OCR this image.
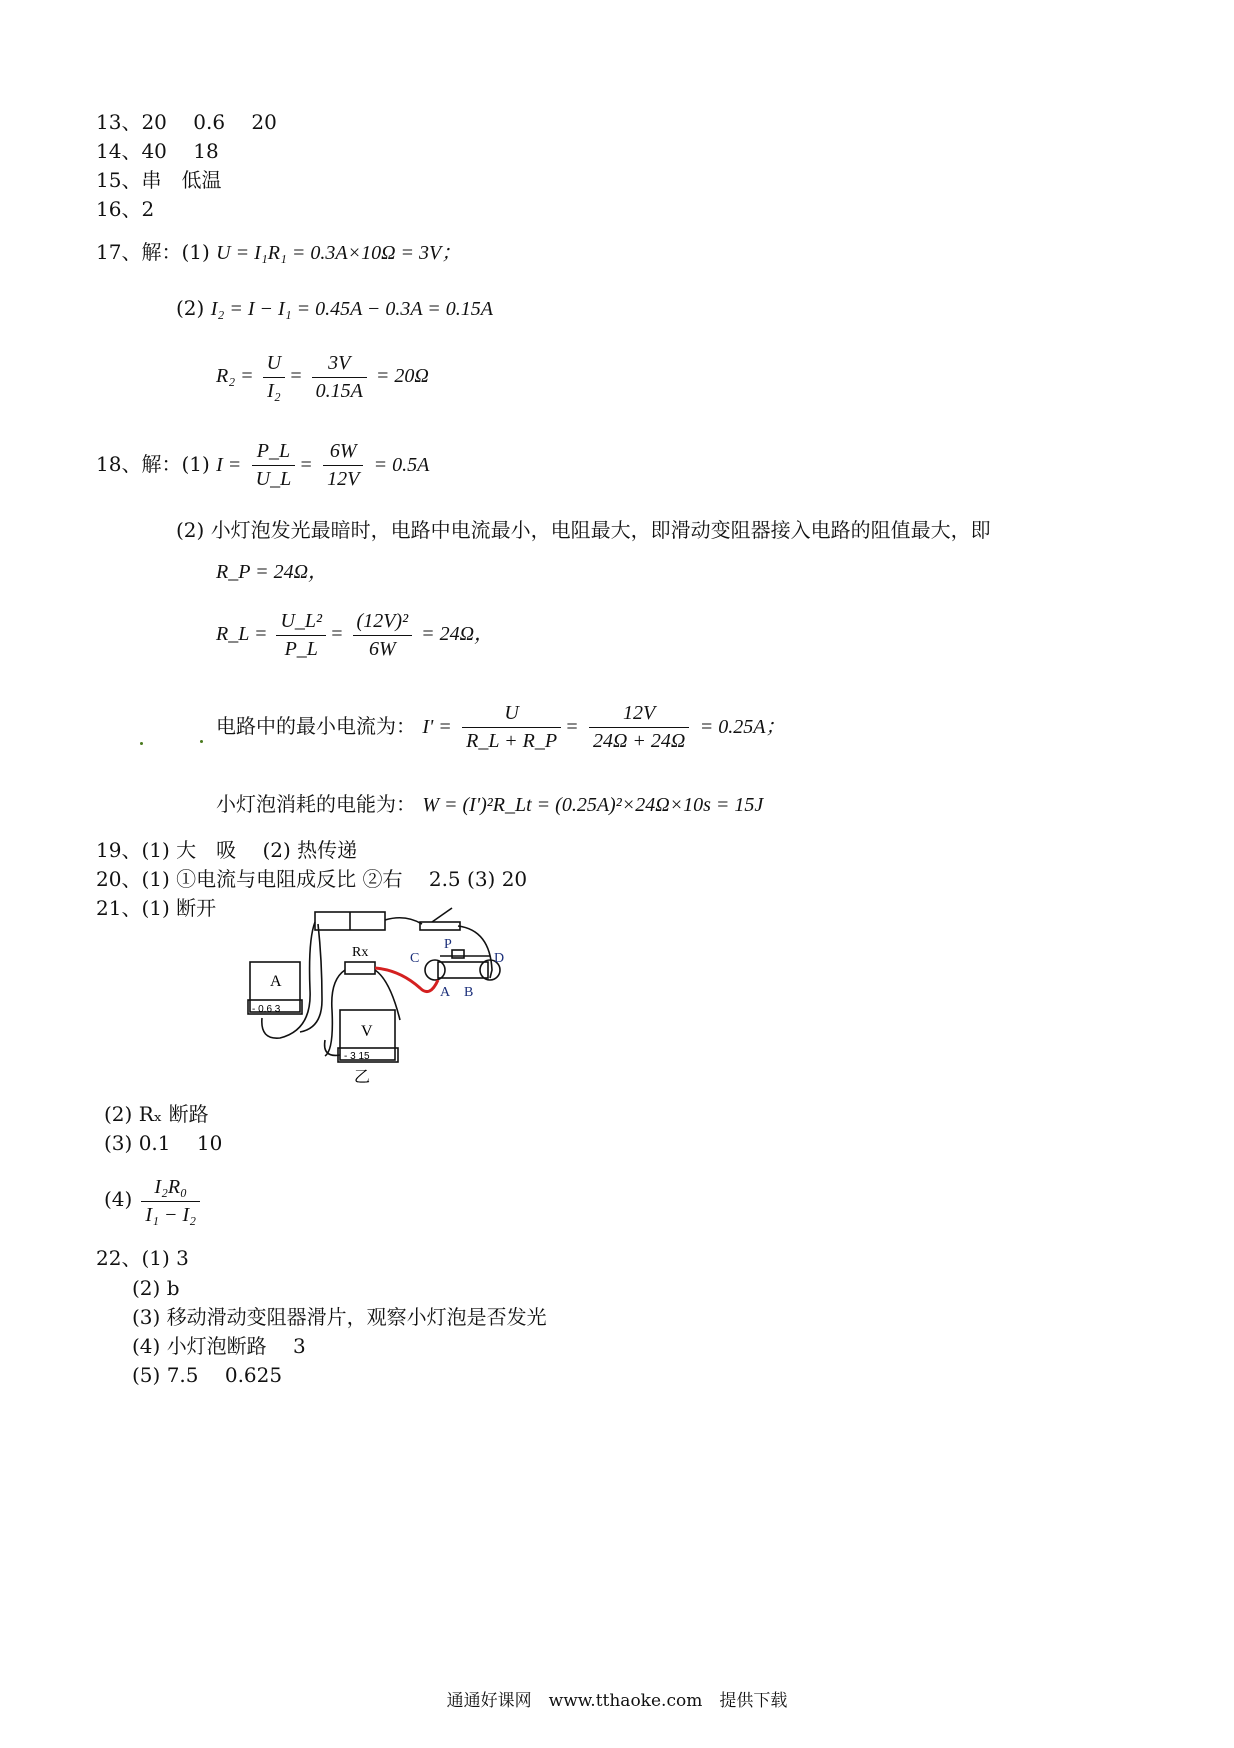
13、20　 0.6　 20
14、40　 18
15、串　低温
16、2
17、解：(1) U = I₁R₁ = 0.3A×10Ω = 3V；
(2) I₂ = I − I₁ = 0.45A − 0.3A = 0.15A
$R_2 = \frac{U}{\text{I₂}} = \frac{3V}{0.15A} = 20\Omega$
18、解：(1) $I = \frac{P\_L}{U\_L} = \frac{6W}{12V} = 0.5A$
(2) 小灯泡发光最暗时，电路中电流最小，电阻最大，即滑动变阻器接入电路的阻值最大，即
R_P = 24Ω，
R_L = $\frac{\text{U\_L²}}{P\_L} = \frac{\text{(12V)²}}{6W} = 24\Omega$，
电路中的最小电流为： $I' = \frac{U}{R\_L + R\_P} = \frac{12V}{24\Omega + 24\Omega} = 0.25A$；
小灯泡消耗的电能为： W = (I')²R_Lt = (0.25A)²×24Ω×10s = 15J
19、(1) 大　吸　 (2) 热传递
20、(1) ①电流与电阻成反比 ②右　 2.5 (3) 20
21、(1) 断开
Rx
A
- 0.6 3
V
- 3 15
C
P
D
A B
乙
(2) Rₓ 断路
(3) 0.1　 10
$(4) \frac{\text{I₂R₀}}{\text{I₁ − I₂}}$
22、(1) 3
(2) b
(3) 移动滑动变阻器滑片，观察小灯泡是否发光
(4) 小灯泡断路　 3
(5) 7.5　 0.625
通通好课网　www.tthaoke.com　提供下载
